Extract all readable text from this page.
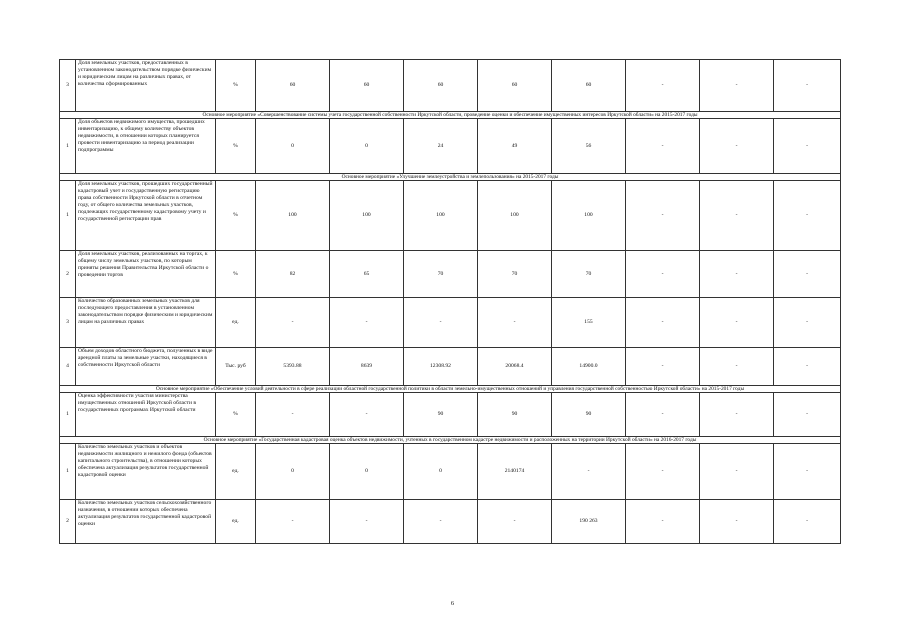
3	Доля земельных участков, предоставленных в установленном законодательством порядке физическим и юридическим лицам на различных правах, от количества сформированных	%	60	60	60	60	60	-	-	-
Основное мероприятие «Совершенствование системы учета государственной собственности Иркутской области, проведение оценки и обеспечение имущественных интересов Иркутской области» на 2015-2017 годы										
1	Доля объектов недвижимого имущества, прошедших инвентаризацию, к общему количеству объектов недвижимости, в отношении которых планируется провести инвентаризацию за период реализации подпрограммы	%	0	0	24	49	56	-	-	-
Основное мероприятие «Улучшение землеустройства и землепользования» на 2015-2017 годы										
1	Доля земельных участков, прошедших государственный кадастровый учет и государственную регистрацию права собственности Иркутской области в отчетном году, от общего количества земельных участков, подлежащих государственному кадастровому учету и государственной регистрации прав	%	100	100	100	100	100	-	-	-
2	Доля земельных участков, реализованных на торгах, к общему числу земельных участков, по которым приняты решения Правительства Иркутской области о проведении торгов	%	82	65	70	70	70	-	-	-
3	Количество образованных земельных участков для последующего предоставления в установленном законодательством порядке физическим и юридическим лицам на различных правах	ед.	-	-	-	-	155	-	-	-
4	Объем доходов областного бюджета, полученных в виде арендной платы за земельные участки, находящиеся в собственности Иркутской области	Тыс. руб	5393.88	8639	12308.92	20068.4	14900.0	-	-	-
Основное мероприятие «Обеспечение условий деятельности в сфере реализации областной государственной политики в области земельно-имущественных отношений и управления государственной собственностью Иркутской области» на 2015-2017 годы										
1	Оценка эффективности участия министерства имущественных отношений Иркутской области в государственных программах Иркутской области	%	-	-	90	90	90	-	-	-
Основное мероприятие «Государственная кадастровая оценка объектов недвижимости, учтенных в государственном кадастре недвижимости и расположенных на территории Иркутской области» на 2016-2017 годы										
1	Количество земельных участков и объектов недвижимости жилищного и нежилого фонда (объектов капитального строительства), в отношении которых обеспечена актуализация результатов государственной кадастровой оценки	ед.	0	0	0	2140174	-	-	-	-
2	Количество земельных участков сельскохозяйственного назначения, в отношении которых обеспечена актуализация результатов государственной кадастровой оценки	ед.	-	-	-	-	190 263	-	-	-
6
